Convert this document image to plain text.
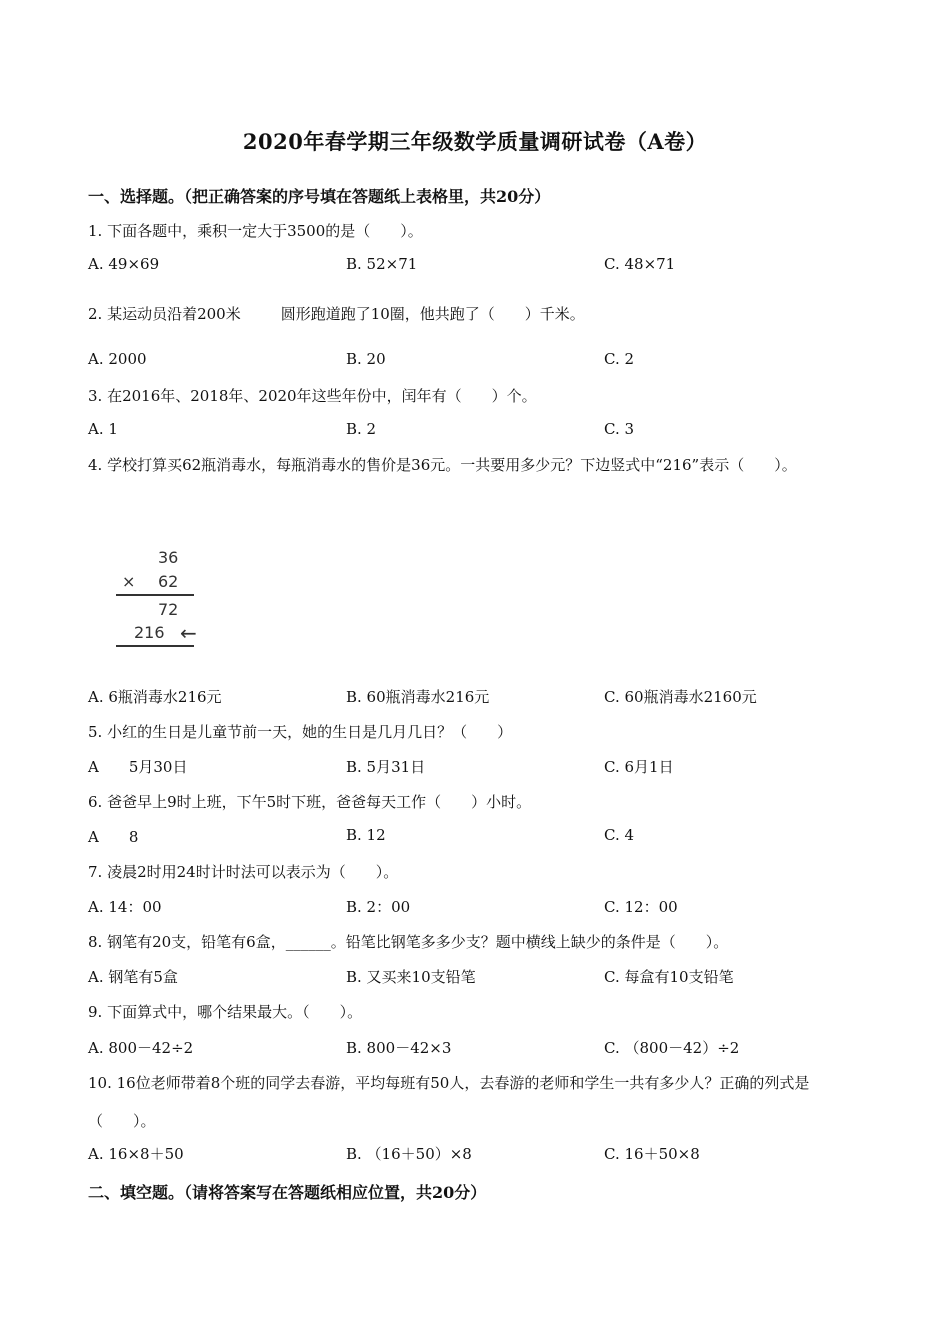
2020年春学期三年级数学质量调研试卷（A卷）
一、选择题。（把正确答案的序号填在答题纸上表格里，共20分）
1. 下面各题中，乘积一定大于3500的是（　　）。
A. 49×69	B. 52×71	C. 48×71
2. 某运动员沿着200米	圆形跑道跑了10圈，他共跑了（　　）千米。
A. 2000	B. 20	C. 2
3. 在2016年、2018年、2020年这些年份中，闰年有（　　）个。
A. 1	B. 2	C. 3
4. 学校打算买62瓶消毒水，每瓶消毒水的售价是36元。一共要用多少元？下边竖式中“216”表示（　　）。
36
× 62
72
216 ←
A. 6瓶消毒水216元	B. 60瓶消毒水216元	C. 60瓶消毒水2160元
5. 小红的生日是儿童节前一天，她的生日是几月几日？（　　）
A　　5月30日	B. 5月31日	C. 6月1日
6. 爸爸早上9时上班，下午5时下班，爸爸每天工作（　　）小时。
A　　8	B. 12	C. 4
7. 凌晨2时用24时计时法可以表示为（　　）。
A. 14：00	B. 2：00	C. 12：00
8. 钢笔有20支，铅笔有6盒，______。铅笔比钢笔多多少支？题中横线上缺少的条件是（　　）。
A. 钢笔有5盒	B. 又买来10支铅笔	C. 每盒有10支铅笔
9. 下面算式中，哪个结果最大。（　　）。
A. 800－42÷2	B. 800－42×3	C. （800－42）÷2
10. 16位老师带着8个班的同学去春游，平均每班有50人，去春游的老师和学生一共有多少人？正确的列式是（　　）。
A. 16×8＋50	B. （16＋50）×8	C. 16＋50×8
二、填空题。（请将答案写在答题纸相应位置，共20分）
